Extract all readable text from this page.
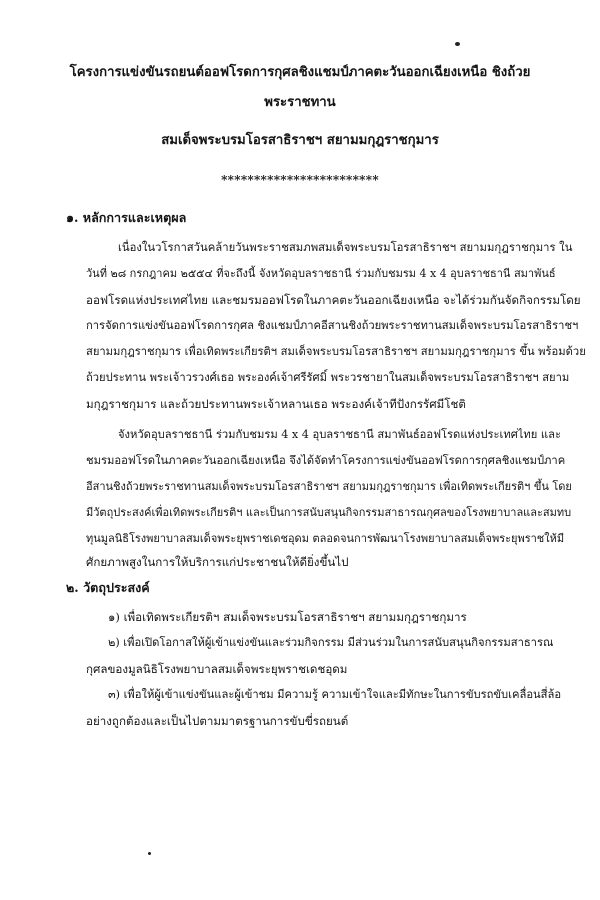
โครงการแข่งขันรถยนต์ออฟโรดการกุศลชิงแชมป์ภาคตะวันออกเฉียงเหนือ ชิงถ้วย
พระราชทาน
สมเด็จพระบรมโอรสาธิราชฯ สยามมกุฎราชกุมาร
************************
๑. หลักการและเหตุผล
เนื่องในวโรกาสวันคล้ายวันพระราชสมภพสมเด็จพระบรมโอรสาธิราชฯ สยามมกุฎราชกุมาร ใน
วันที่ ๒๘ กรกฎาคม ๒๕๕๔ ที่จะถึงนี้ จังหวัดอุบลราชธานี ร่วมกับชมรม 4 x 4 อุบลราชธานี สมาพันธ์
ออฟโรดแห่งประเทศไทย และชมรมออฟโรดในภาคตะวันออกเฉียงเหนือ จะได้ร่วมกันจัดกิจกรรมโดย
การจัดการแข่งขันออฟโรดการกุศล ชิงแชมป์ภาคอีสานชิงถ้วยพระราชทานสมเด็จพระบรมโอรสาธิราชฯ
สยามมกุฎราชกุมาร เพื่อเทิดพระเกียรติฯ สมเด็จพระบรมโอรสาธิราชฯ สยามมกุฎราชกุมาร ขึ้น พร้อมด้วย
ถ้วยประทาน พระเจ้าวรวงศ์เธอ พระองค์เจ้าศรีรัศมิ์ พระวรชายาในสมเด็จพระบรมโอรสาธิราชฯ สยาม
มกุฎราชกุมาร และถ้วยประทานพระเจ้าหลานเธอ พระองค์เจ้าทีปังกรรัศมีโชติ
จังหวัดอุบลราชธานี ร่วมกับชมรม 4 x 4 อุบลราชธานี สมาพันธ์ออฟโรดแห่งประเทศไทย และ
ชมรมออฟโรดในภาคตะวันออกเฉียงเหนือ จึงได้จัดทำโครงการแข่งขันออฟโรดการกุศลชิงแชมป์ภาค
อีสานชิงถ้วยพระราชทานสมเด็จพระบรมโอรสาธิราชฯ สยามมกุฎราชกุมาร เพื่อเทิดพระเกียรติฯ ขึ้น โดย
มีวัตถุประสงค์เพื่อเทิดพระเกียรติฯ และเป็นการสนับสนุนกิจกรรมสาธารณกุศลของโรงพยาบาลและสมทบ
ทุนมูลนิธิโรงพยาบาลสมเด็จพระยุพราชเดชอุดม ตลอดจนการพัฒนาโรงพยาบาลสมเด็จพระยุพราชให้มี
ศักยภาพสูงในการให้บริการแก่ประชาชนให้ดียิ่งขึ้นไป
๒. วัตถุประสงค์
๑) เพื่อเทิดพระเกียรติฯ สมเด็จพระบรมโอรสาธิราชฯ สยามมกุฎราชกุมาร
๒) เพื่อเปิดโอกาสให้ผู้เข้าแข่งขันและร่วมกิจกรรม มีส่วนร่วมในการสนับสนุนกิจกรรมสาธารณ
กุศลของมูลนิธิโรงพยาบาลสมเด็จพระยุพราชเดชอุดม
๓) เพื่อให้ผู้เข้าแข่งขันและผู้เข้าชม มีความรู้ ความเข้าใจและมีทักษะในการขับรถขับเคลื่อนสี่ล้อ
อย่างถูกต้องและเป็นไปตามมาตรฐานการขับขี่รถยนต์
